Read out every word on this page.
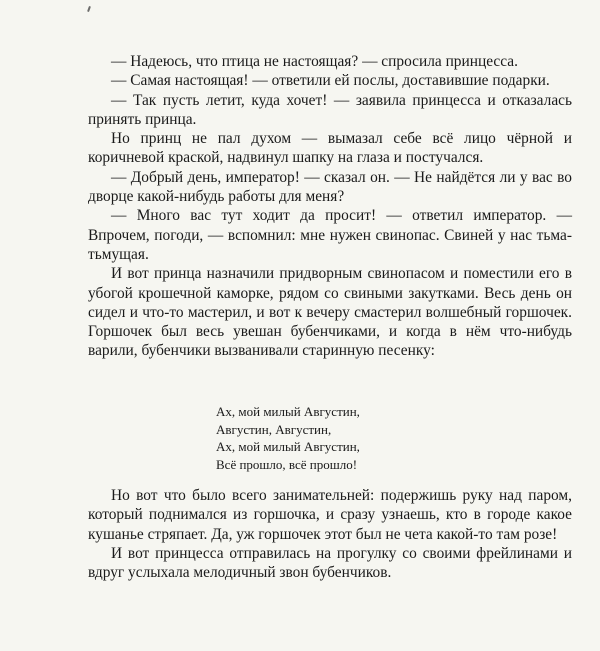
— Надеюсь, что птица не настоящая? — спросила принцесса.

— Самая настоящая! — ответили ей послы, доставившие подарки.

— Так пусть летит, куда хочет! — заявила принцесса и отказалась принять принца.

Но принц не пал духом — вымазал себе всё лицо чёрной и коричневой краской, надвинул шапку на глаза и постучался.

— Добрый день, император! — сказал он. — Не найдётся ли у вас во дворце какой-нибудь работы для меня?

— Много вас тут ходит да просит! — ответил император. — Впрочем, погоди, — вспомнил: мне нужен свинопас. Свиней у нас тьма-тьмущая.

И вот принца назначили придворным свинопасом и поместили его в убогой крошечной каморке, рядом со свиными закутками. Весь день он сидел и что-то мастерил, и вот к вечеру смастерил волшебный горшочек. Горшочек был весь увешан бубенчиками, и когда в нём что-нибудь варили, бубенчики вызванивали старинную песенку:

Ах, мой милый Августин,
Августин, Августин,
Ах, мой милый Августин,
Всё прошло, всё прошло!

Но вот что было всего занимательней: подержишь руку над паром, который поднимался из горшочка, и сразу узнаешь, кто в городе какое кушанье стряпает. Да, уж горшочек этот был не чета какой-то там розе!

И вот принцесса отправилась на прогулку со своими фрейлинами и вдруг услыхала мелодичный звон бубенчиков.
